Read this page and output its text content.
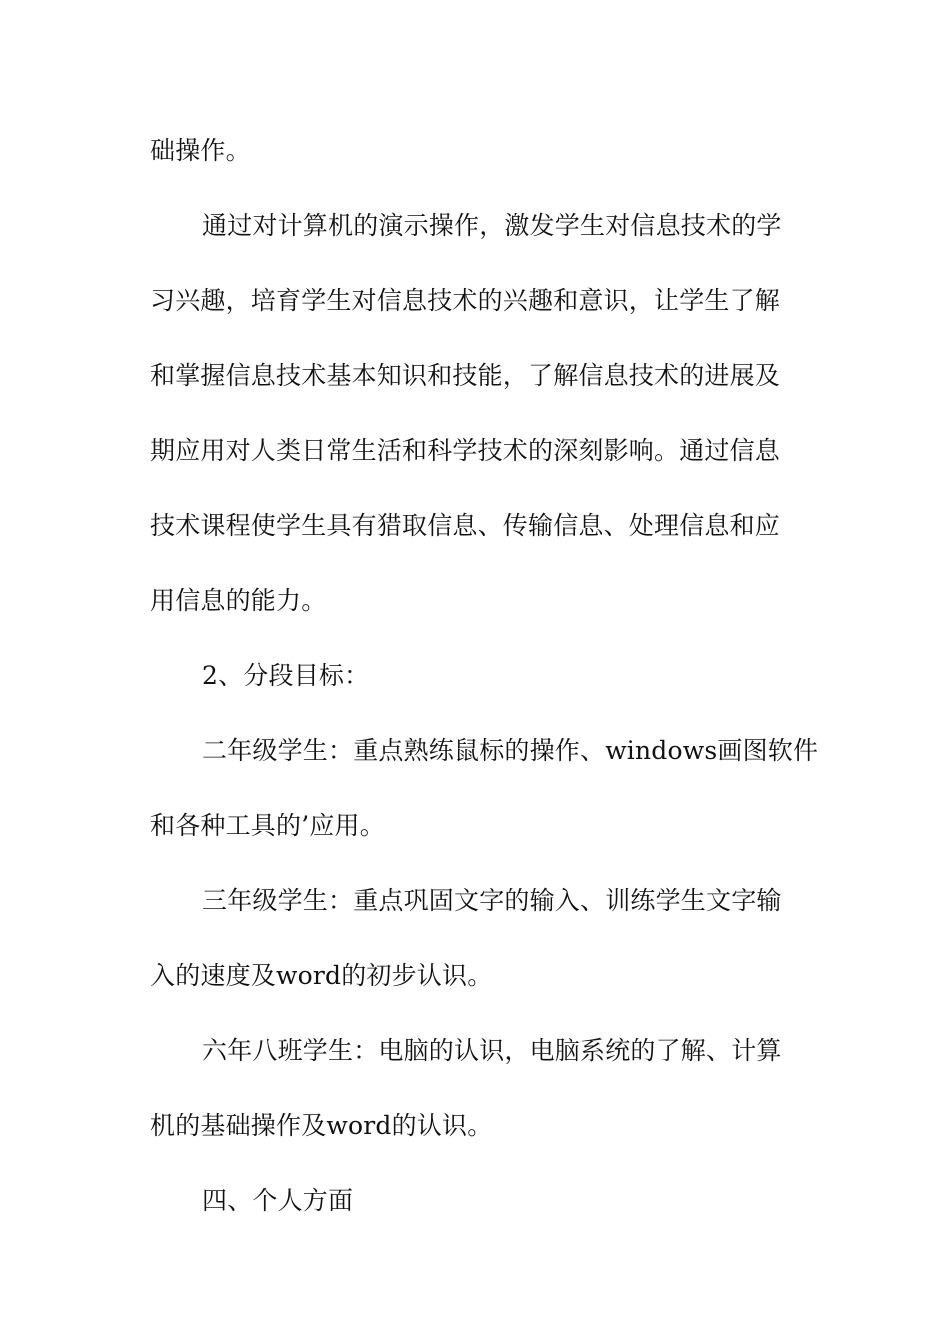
础操作。

通过对计算机的演示操作，激发学生对信息技术的学

习兴趣，培育学生对信息技术的兴趣和意识，让学生了解

和掌握信息技术基本知识和技能，了解信息技术的进展及

期应用对人类日常生活和科学技术的深刻影响。通过信息

技术课程使学生具有猎取信息、传输信息、处理信息和应

用信息的能力。

2、分段目标：

二年级学生：重点熟练鼠标的操作、windows画图软件

和各种工具的’应用。

三年级学生：重点巩固文字的输入、训练学生文字输

入的速度及word的初步认识。

六年八班学生：电脑的认识，电脑系统的了解、计算

机的基础操作及word的认识。

四、个人方面
